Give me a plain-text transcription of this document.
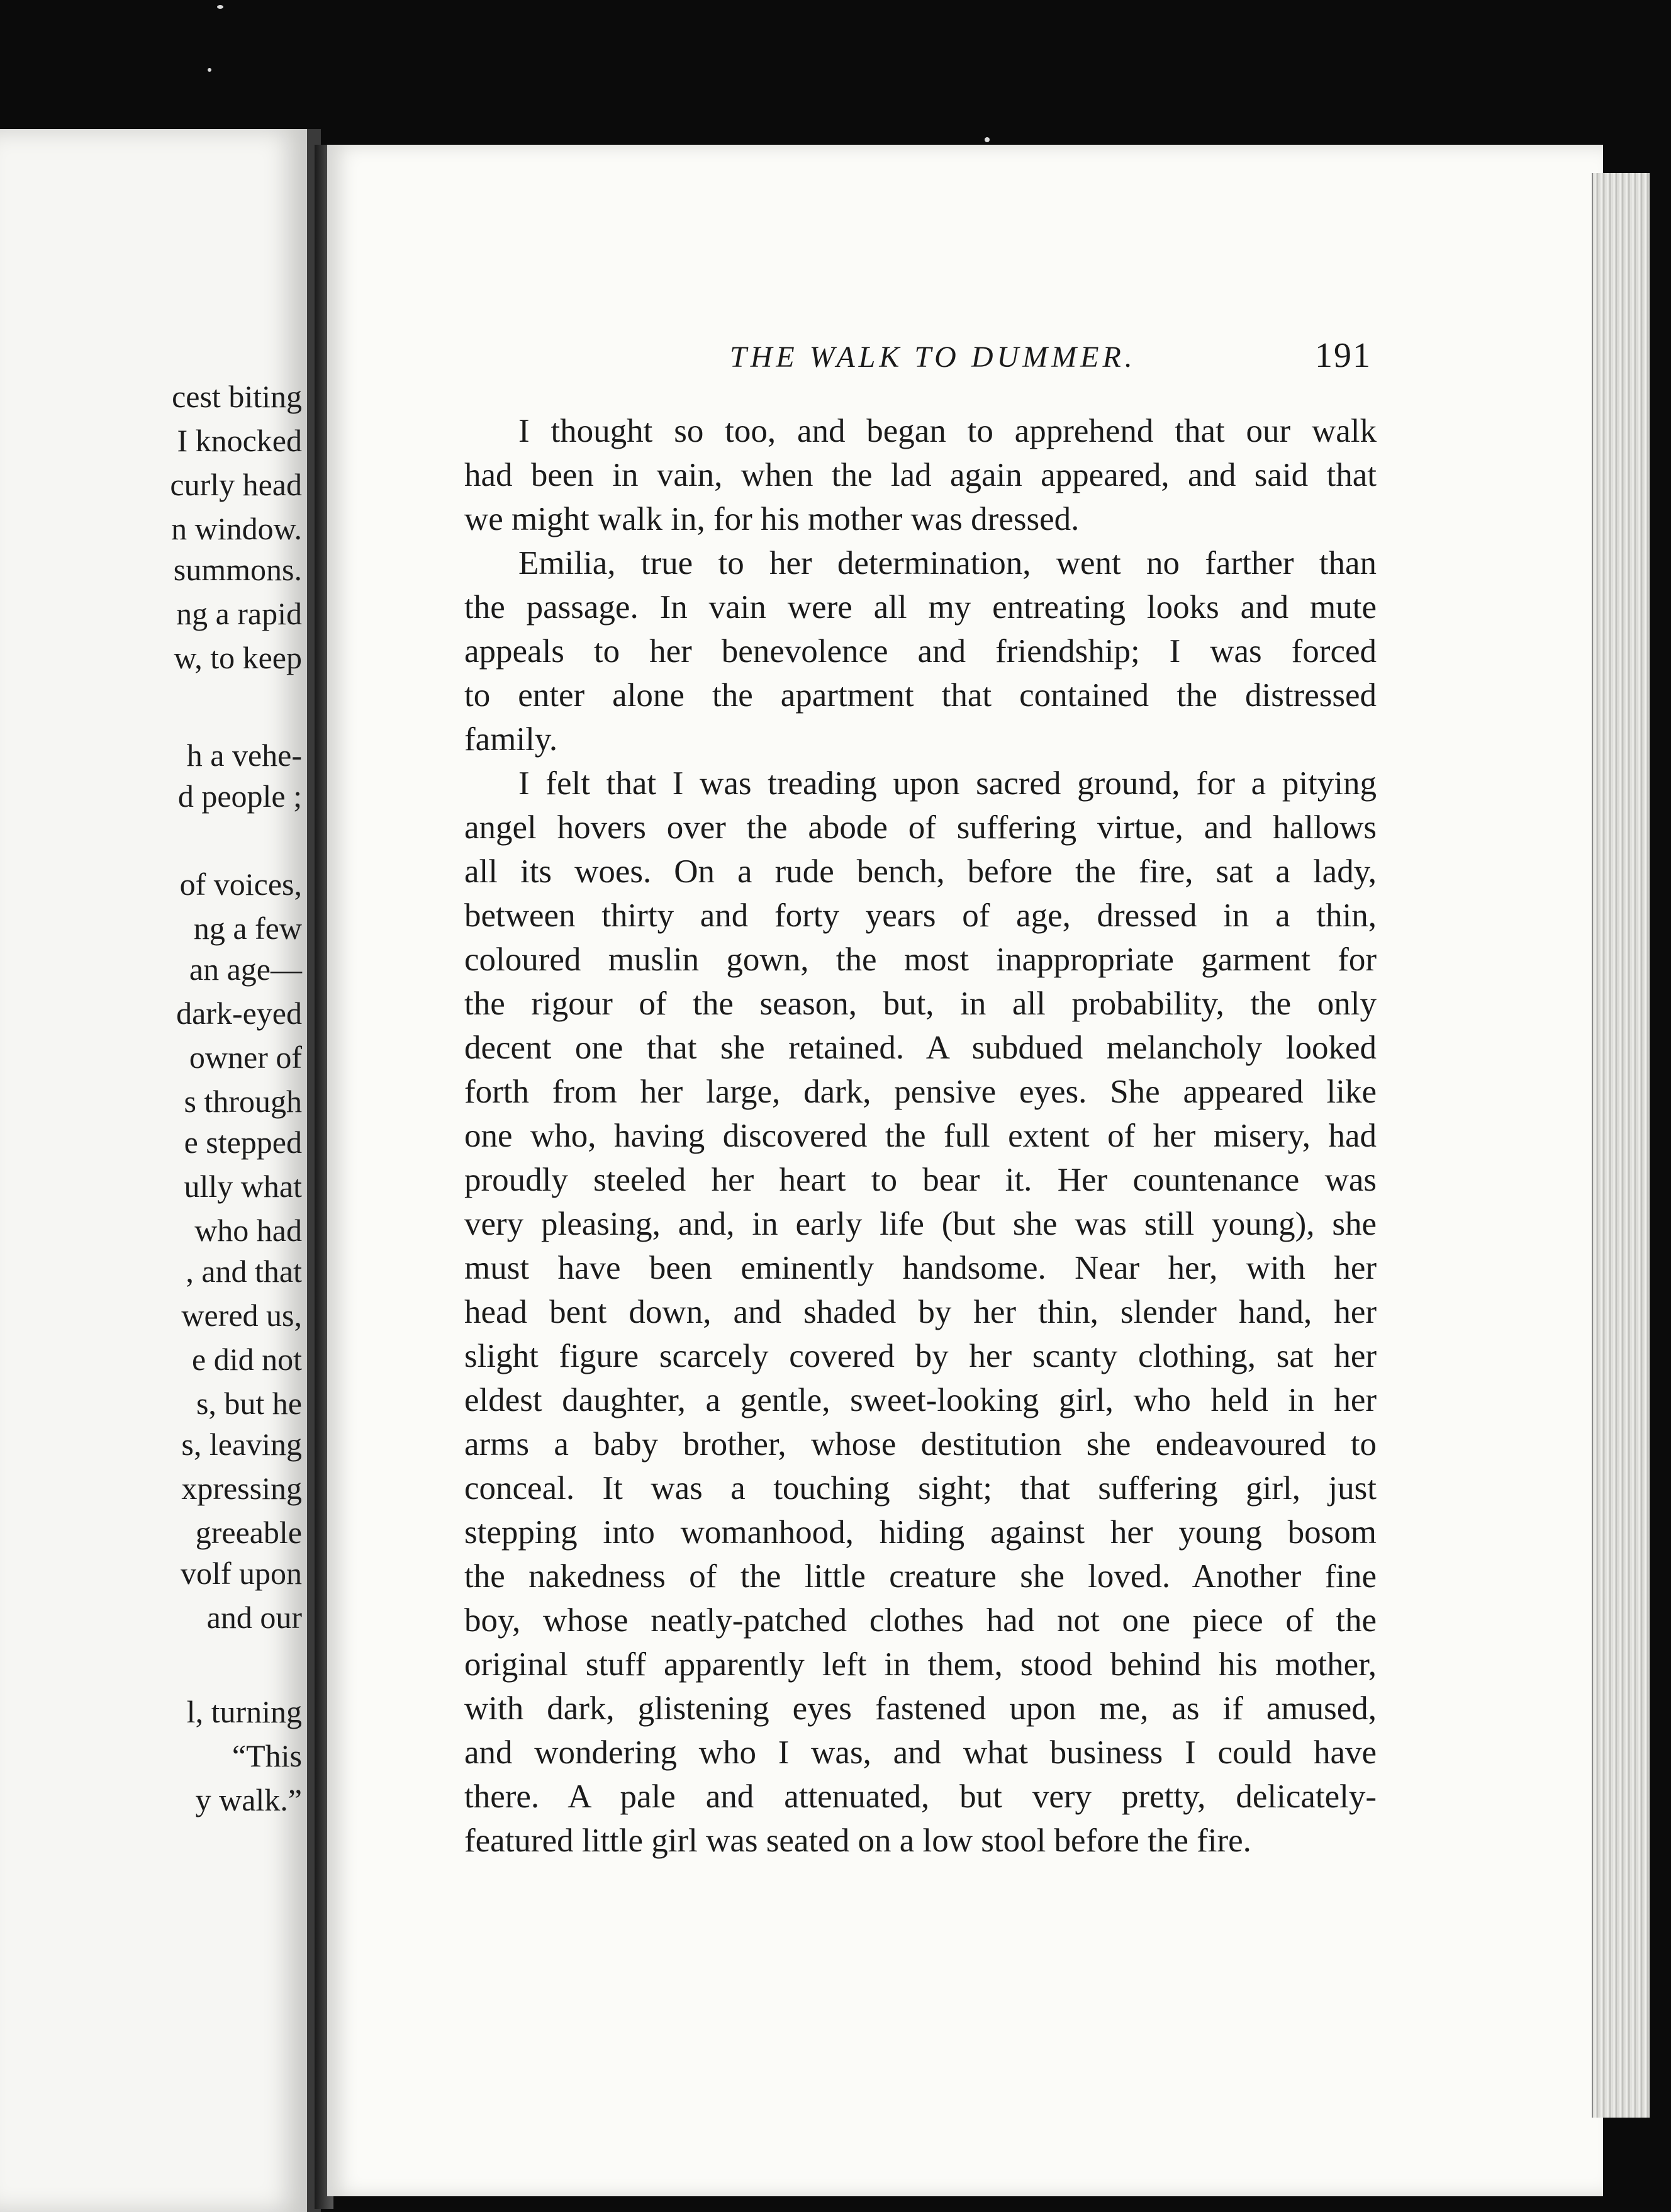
cest biting
I knocked
curly head
n window.
summons.
ng a rapid
w, to keep
h a vehe-
d people ;
of voices,
ng a few
an age—
dark-eyed
owner of
s through
e stepped
ully what
who had
, and that
wered us,
e did not
s, but he
s, leaving
xpressing
greeable
volf upon
and our
l, turning
“This
y walk.”
THE WALK TO DUMMER.	191
I thought so too, and began to apprehend that our walk
had been in vain, when the lad again appeared, and said that
we might walk in, for his mother was dressed.
Emilia, true to her determination, went no farther than
the passage. In vain were all my entreating looks and mute
appeals to her benevolence and friendship; I was forced
to enter alone the apartment that contained the distressed
family.
I felt that I was treading upon sacred ground, for a pitying
angel hovers over the abode of suffering virtue, and hallows
all its woes. On a rude bench, before the fire, sat a lady,
between thirty and forty years of age, dressed in a thin,
coloured muslin gown, the most inappropriate garment for
the rigour of the season, but, in all probability, the only
decent one that she retained. A subdued melancholy looked
forth from her large, dark, pensive eyes. She appeared like
one who, having discovered the full extent of her misery, had
proudly steeled her heart to bear it. Her countenance was
very pleasing, and, in early life (but she was still young), she
must have been eminently handsome. Near her, with her
head bent down, and shaded by her thin, slender hand, her
slight figure scarcely covered by her scanty clothing, sat her
eldest daughter, a gentle, sweet-looking girl, who held in her
arms a baby brother, whose destitution she endeavoured to
conceal. It was a touching sight; that suffering girl, just
stepping into womanhood, hiding against her young bosom
the nakedness of the little creature she loved. Another fine
boy, whose neatly-patched clothes had not one piece of the
original stuff apparently left in them, stood behind his mother,
with dark, glistening eyes fastened upon me, as if amused,
and wondering who I was, and what business I could have
there. A pale and attenuated, but very pretty, delicately-
featured little girl was seated on a low stool before the fire.
